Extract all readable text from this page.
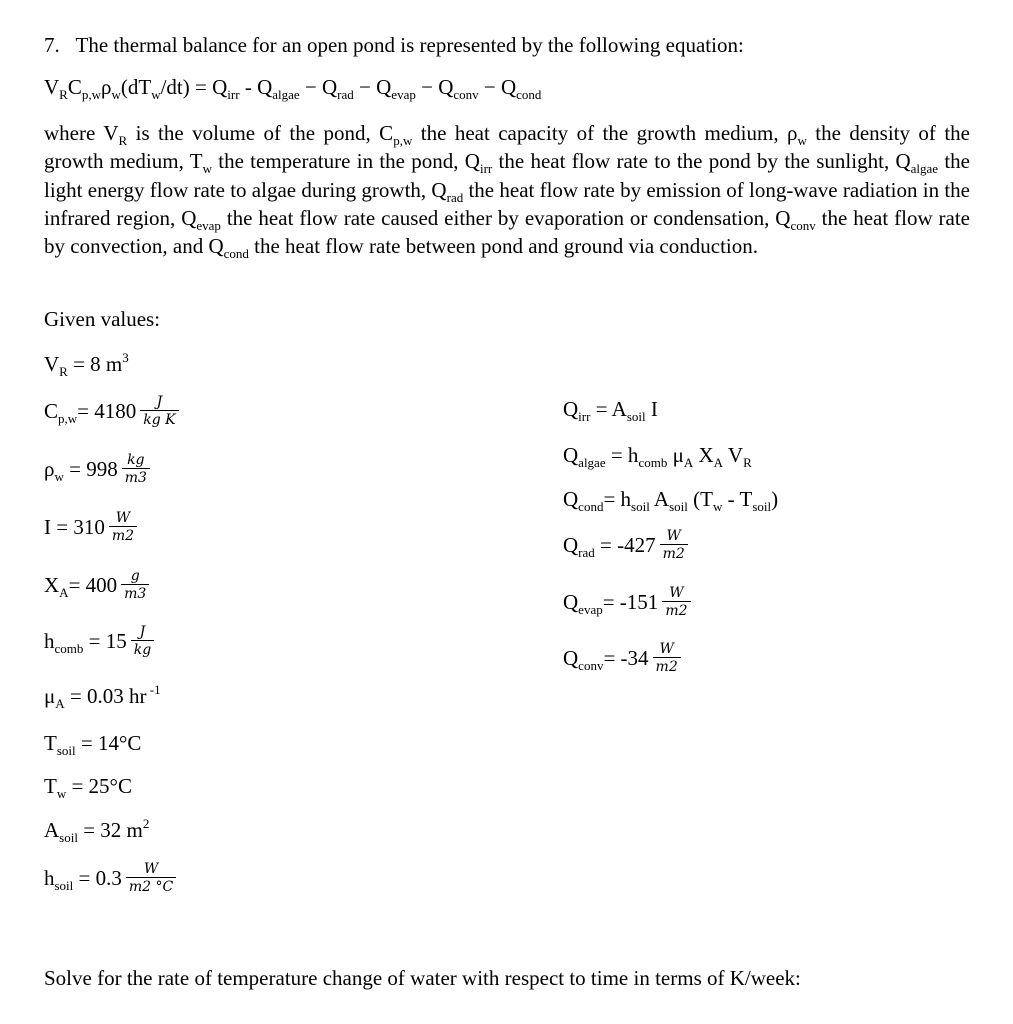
7. The thermal balance for an open pond is represented by the following equation:
$V_RC_{p,w}\rho_w(dT_w/dt) = Q_{irr} - Q_{algae} - Q_{rad} - Q_{evap} - Q_{conv} - Q_{cond}$
where $V_R$ is the volume of the pond, $C_{p,w}$ the heat capacity of the growth medium, $\rho_w$ the density of the growth medium, $T_w$ the temperature in the pond, $Q_{irr}$ the heat flow rate to the pond by the sunlight, $Q_{algae}$ the light energy flow rate to algae during growth, $Q_{rad}$ the heat flow rate by emission of long-wave radiation in the infrared region, $Q_{evap}$ the heat flow rate caused either by evaporation or condensation, $Q_{conv}$ the heat flow rate by convection, and $Q_{cond}$ the heat flow rate between pond and ground via conduction.
Given values:
$V_R = 8$ $m^3$
$C_{p,w}= 4180 \frac{J}{\text{kg K}}$
$\rho_w = 998 \frac{kg}{m3}$
$I = 310 \frac{W}{m2}$
$X_A= 400 \frac{g}{m3}$
$h_{comb} = 15 \frac{J}{kg}$
$\mu_A = 0.03$ hr $^{-1}$
$T_{soil} = 14^\circ C$
$T_w = 25^\circ C$
$A_{soil} = 32$ $m^2$
$h_{soil} = 0.3 \frac{W}{m2 ^\circ C}$
$Q_{irr} = A_{soil}$ I
$Q_{algae} = h_{comb}$ $\mu_A$ $X_A$ $V_R$
$Q_{cond}= h_{soil}$ $A_{soil}$ $(T_w - T_{soil})$
$Q_{rad} = -427 \frac{W}{m2}$
$Q_{evap}= -151 \frac{W}{m2}$
$Q_{conv}= -34 \frac{W}{m2}$
Solve for the rate of temperature change of water with respect to time in terms of K/week:
